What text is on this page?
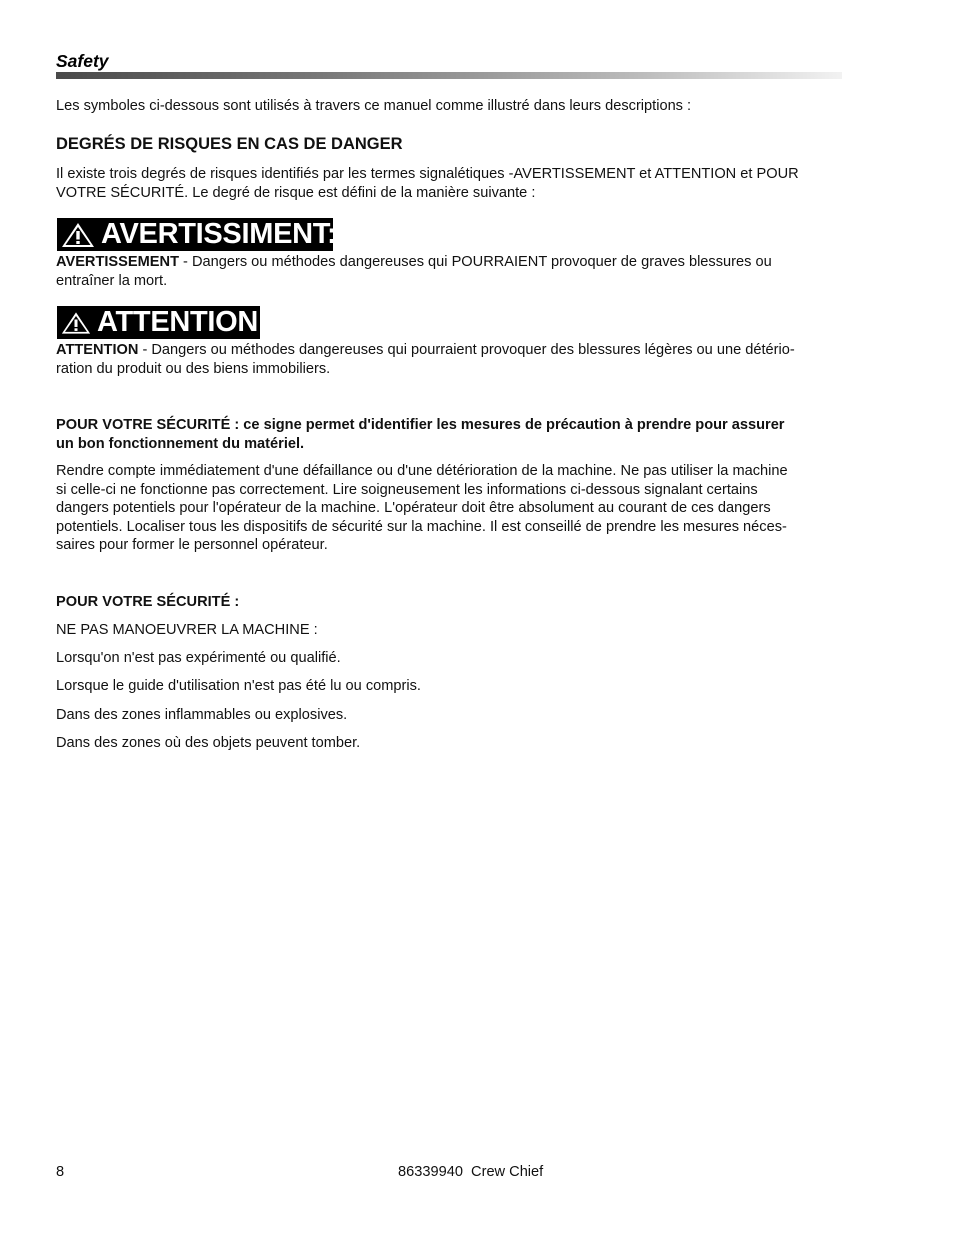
Safety

Les symboles ci-dessous sont utilisés à travers ce manuel comme illustré dans leurs descriptions :

DEGRÉS DE RISQUES EN CAS DE DANGER

Il existe trois degrés de risques identifiés par les termes signalétiques -AVERTISSEMENT et ATTENTION et POUR
VOTRE SÉCURITÉ. Le degré de risque est défini de la manière suivante :

AVERTISSIMENT:

AVERTISSEMENT - Dangers ou méthodes dangereuses qui POURRAIENT provoquer de graves blessures ou
entraîner la mort.

ATTENTION:

ATTENTION - Dangers ou méthodes dangereuses qui pourraient provoquer des blessures légères ou une détério-
ration du produit ou des biens immobiliers.

POUR VOTRE SÉCURITÉ : ce signe permet d'identifier les mesures de précaution à prendre pour assurer
un bon fonctionnement du matériel.

Rendre compte immédiatement d'une défaillance ou d'une détérioration de la machine. Ne pas utiliser la machine
si celle-ci ne fonctionne pas correctement. Lire soigneusement les informations ci-dessous signalant certains
dangers potentiels pour l'opérateur de la machine. L'opérateur doit être absolument au courant de ces dangers
potentiels. Localiser tous les dispositifs de sécurité sur la machine. Il est conseillé de prendre les mesures néces-
saires pour former le personnel opérateur.

POUR VOTRE SÉCURITÉ :
NE PAS MANOEUVRER LA MACHINE :
Lorsqu'on n'est pas expérimenté ou qualifié.
Lorsque le guide d'utilisation n'est pas été lu ou compris.
Dans des zones inflammables ou explosives.
Dans des zones où des objets peuvent tomber.
8	86339940  Crew Chief
